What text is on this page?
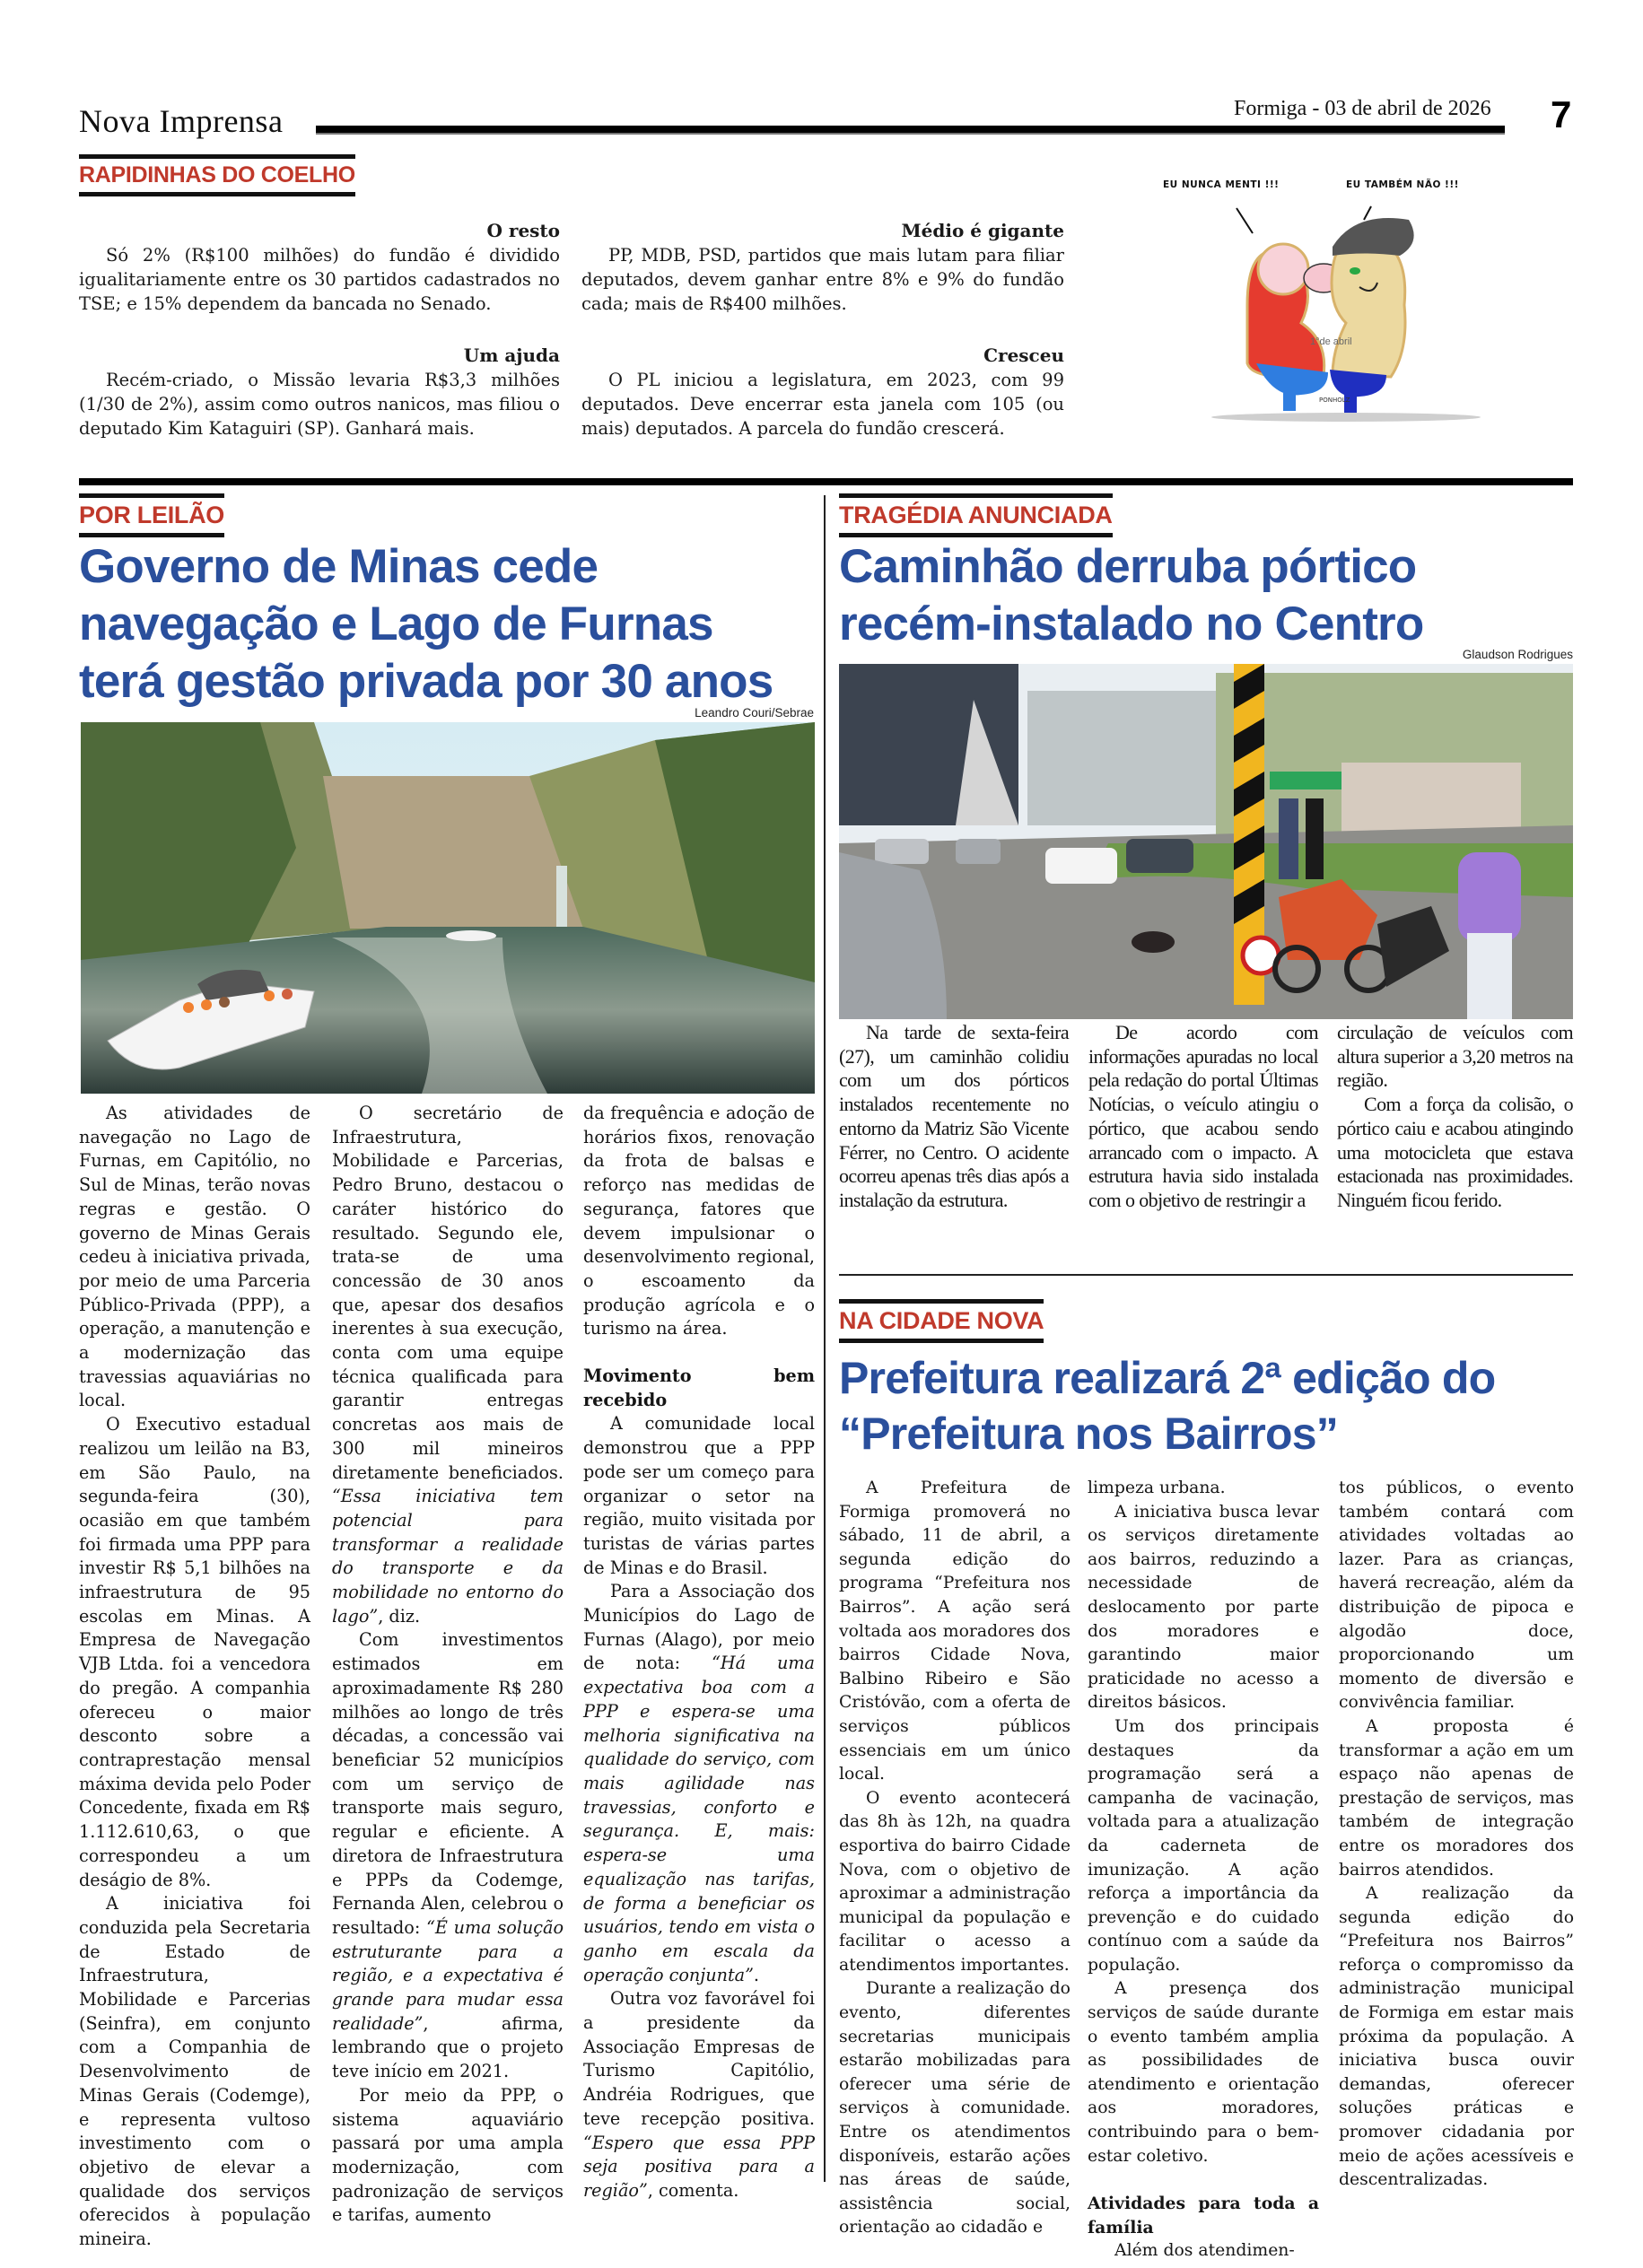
Nova Imprensa	Formiga - 03 de abril de 2026 7
RAPIDINHAS DO COELHO
O resto
Só 2% (R$100 milhões) do fundão é dividido igualitariamente entre os 30 partidos cadastrados no TSE; e 15% dependem da bancada no Senado.
Um ajuda
Recém-criado, o Missão levaria R$3,3 milhões (1/30 de 2%), assim como outros nanicos, mas filiou o deputado Kim Kataguiri (SP). Ganhará mais.
Médio é gigante
PP, MDB, PSD, partidos que mais lutam para filiar deputados, devem ganhar entre 8% e 9% do fundão cada; mais de R$400 milhões.
Cresceu
O PL iniciou a legislatura, em 2023, com 99 deputados. Deve encerrar esta janela com 105 (ou mais) deputados. A parcela do fundão crescerá.
EU NUNCA MENTI !!!	EU TAMBÉM NÃO !!!
1°de abril
PONHOLZ
POR LEILÃO
Governo de Minas cede
navegação e Lago de Furnas
terá gestão privada por 30 anos
Leandro Couri/Sebrae

As atividades de navegação no Lago de Furnas, em Capitólio, no Sul de Minas, terão novas regras e gestão. O governo de Minas Gerais cedeu à iniciativa privada, por meio de uma Parceria Público-Privada (PPP), a operação, a manutenção e a modernização das travessias aquaviárias no local.

O Executivo estadual realizou um leilão na B3, em São Paulo, na segunda-feira (30), ocasião em que também foi firmada uma PPP para investir R$ 5,1 bilhões na infraestrutura de 95 escolas em Minas. A Empresa de Navegação VJB Ltda. foi a vencedora do pregão. A companhia ofereceu o maior desconto sobre a contraprestação mensal máxima devida pelo Poder Concedente, fixada em R$ 1.112.610,63, o que correspondeu a um deságio de 8%.

A iniciativa foi conduzida pela Secretaria de Estado de Infraestrutura, Mobilidade e Parcerias (Seinfra), em conjunto com a Companhia de Desenvolvimento de Minas Gerais (Codemge), e representa vultoso investimento com o objetivo de elevar a qualidade dos serviços oferecidos à população mineira.

O secretário de Infraestrutura, Mobilidade e Parcerias, Pedro Bruno, destacou o caráter histórico do resultado. Segundo ele, trata-se de uma concessão de 30 anos que, apesar dos desafios inerentes à sua execução, conta com uma equipe técnica qualificada para garantir entregas concretas aos mais de 300 mil mineiros diretamente beneficiados. “Essa iniciativa tem potencial para transformar a realidade do transporte e da mobilidade no entorno do lago”, diz.

Com investimentos estimados em aproximadamente R$ 280 milhões ao longo de três décadas, a concessão vai beneficiar 52 municípios com um serviço de transporte mais seguro, regular e eficiente. A diretora de Infraestrutura e PPPs da Codemge, Fernanda Alen, celebrou o resultado: “É uma solução estruturante para a região, e a expectativa é grande para mudar essa realidade”, afirma, lembrando que o projeto teve início em 2021.

Por meio da PPP, o sistema aquaviário passará por uma ampla modernização, com padronização de serviços e tarifas, aumento

da frequência e adoção de horários fixos, renovação da frota de balsas e reforço nas medidas de segurança, fatores que devem impulsionar o desenvolvimento regional, o escoamento da produção agrícola e o turismo na área.

Movimento bem recebido

A comunidade local demonstrou que a PPP pode ser um começo para organizar o setor na região, muito visitada por turistas de várias partes de Minas e do Brasil.

Para a Associação dos Municípios do Lago de Furnas (Alago), por meio de nota: “Há uma expectativa boa com a PPP e espera-se uma melhoria significativa na qualidade do serviço, com mais agilidade nas travessias, conforto e segurança. E, mais: espera-se uma equalização nas tarifas, de forma a beneficiar os usuários, tendo em vista o ganho em escala da operação conjunta”.

Outra voz favorável foi a presidente da Associação Empresas de Turismo Capitólio, Andréia Rodrigues, que teve recepção positiva. “Espero que essa PPP seja positiva para a região”, comenta.

TRAGÉDIA ANUNCIADA
Caminhão derruba pórtico
recém-instalado no Centro
Glaudson Rodrigues

Na tarde de sexta-feira (27), um caminhão colidiu com um dos pórticos instalados recentemente no entorno da Matriz São Vicente Férrer, no Centro. O acidente ocorreu apenas três dias após a instalação da estrutura.

De acordo com informações apuradas no local pela redação do portal Últimas Notícias, o veículo atingiu o pórtico, que acabou sendo arrancado com o impacto. A estrutura havia sido instalada com o objetivo de restringir a

circulação de veículos com altura superior a 3,20 metros na região.

Com a força da colisão, o pórtico caiu e acabou atingindo uma motocicleta que estava estacionada nas proximidades. Ninguém ficou ferido.

NA CIDADE NOVA
Prefeitura realizará 2ª edição do
“Prefeitura nos Bairros”

A Prefeitura de Formiga promoverá no sábado, 11 de abril, a segunda edição do programa “Prefeitura nos Bairros”. A ação será voltada aos moradores dos bairros Cidade Nova, Balbino Ribeiro e São Cristóvão, com a oferta de serviços públicos essenciais em um único local.

O evento acontecerá das 8h às 12h, na quadra esportiva do bairro Cidade Nova, com o objetivo de aproximar a administração municipal da população e facilitar o acesso a atendimentos importantes.

Durante a realização do evento, diferentes secretarias municipais estarão mobilizadas para oferecer uma série de serviços à comunidade. Entre os atendimentos disponíveis, estarão ações nas áreas de saúde, assistência social, orientação ao cidadão e

limpeza urbana.

A iniciativa busca levar os serviços diretamente aos bairros, reduzindo a necessidade de deslocamento por parte dos moradores e garantindo maior praticidade no acesso a direitos básicos.

Um dos principais destaques da programação será a campanha de vacinação, voltada para a atualização da caderneta de imunização. A ação reforça a importância da prevenção e do cuidado contínuo com a saúde da população.

A presença dos serviços de saúde durante o evento também amplia as possibilidades de atendimento e orientação aos moradores, contribuindo para o bem-estar coletivo.

Atividades para toda a família

Além dos atendimen-

tos públicos, o evento também contará com atividades voltadas ao lazer. Para as crianças, haverá recreação, além da distribuição de pipoca e algodão doce, proporcionando um momento de diversão e convivência familiar.

A proposta é transformar a ação em um espaço não apenas de prestação de serviços, mas também de integração entre os moradores dos bairros atendidos.

A realização da segunda edição do “Prefeitura nos Bairros” reforça o compromisso da administração municipal de Formiga em estar mais próxima da população. A iniciativa busca ouvir demandas, oferecer soluções práticas e promover cidadania por meio de ações acessíveis e descentralizadas.
